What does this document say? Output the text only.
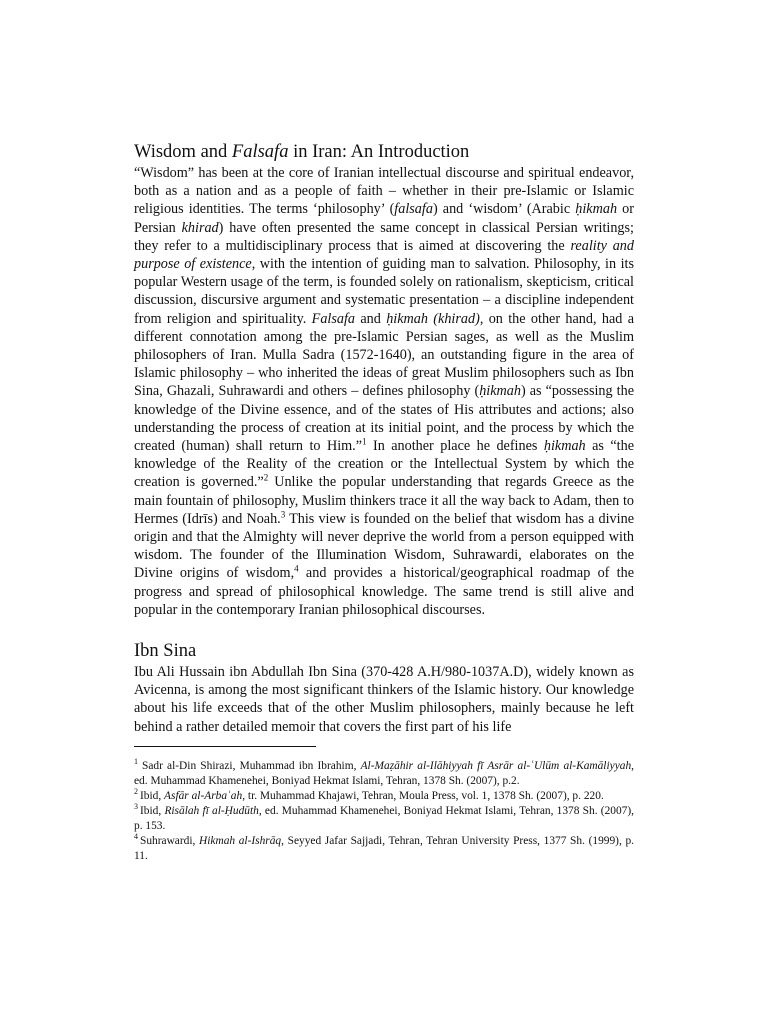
Wisdom and Falsafa in Iran: An Introduction

“Wisdom” has been at the core of Iranian intellectual discourse and spiritual endeavor, both as a nation and as a people of faith – whether in their pre-Islamic or Islamic religious identities. The terms ‘philosophy’ (falsafa) and ‘wisdom’ (Arabic ḥikmah or Persian khirad) have often presented the same concept in classical Persian writings; they refer to a multidisciplinary process that is aimed at discovering the reality and purpose of existence, with the intention of guiding man to salvation. Philosophy, in its popular Western usage of the term, is founded solely on rationalism, skepticism, critical discussion, discursive argument and systematic presentation – a discipline independent from religion and spirituality. Falsafa and ḥikmah (khirad), on the other hand, had a different connotation among the pre-Islamic Persian sages, as well as the Muslim philosophers of Iran. Mulla Sadra (1572-1640), an outstanding figure in the area of Islamic philosophy – who inherited the ideas of great Muslim philosophers such as Ibn Sina, Ghazali, Suhrawardi and others – defines philosophy (ḥikmah) as “possessing the knowledge of the Divine essence, and of the states of His attributes and actions; also understanding the process of creation at its initial point, and the process by which the created (human) shall return to Him.”$^1$ In another place he defines ḥikmah as “the knowledge of the Reality of the creation or the Intellectual System by which the creation is governed.”$^2$ Unlike the popular understanding that regards Greece as the main fountain of philosophy, Muslim thinkers trace it all the way back to Adam, then to Hermes (Idrīs) and Noah.$^3$ This view is founded on the belief that wisdom has a divine origin and that the Almighty will never deprive the world from a person equipped with wisdom. The founder of the Illumination Wisdom, Suhrawardi, elaborates on the Divine origins of wisdom,$^4$ and provides a historical/geographical roadmap of the progress and spread of philosophical knowledge. The same trend is still alive and popular in the contemporary Iranian philosophical discourses.

Ibn Sina

Ibu Ali Hussain ibn Abdullah Ibn Sina (370-428 A.H/980-1037A.D), widely known as Avicenna, is among the most significant thinkers of the Islamic history. Our knowledge about his life exceeds that of the other Muslim philosophers, mainly because he left behind a rather detailed memoir that covers the first part of his life

$^1$ Sadr al-Din Shirazi, Muhammad ibn Ibrahim, Al-Maẓāhir al-Ilāhiyyah fī Asrār al-ʿUlūm al-Kamāliyyah, ed. Muhammad Khamenehei, Boniyad Hekmat Islami, Tehran, 1378 Sh. (2007), p.2.

$^2$ Ibid, Asfār al-Arbaʿah, tr. Muhammad Khajawi, Tehran, Moula Press, vol. 1, 1378 Sh. (2007), p. 220.

$^3$ Ibid, Risālah fī al-Ḥudūth, ed. Muhammad Khamenehei, Boniyad Hekmat Islami, Tehran, 1378 Sh. (2007), p. 153.

$^4$ Suhrawardi, Hikmah al-Ishrāq, Seyyed Jafar Sajjadi, Tehran, Tehran University Press, 1377 Sh. (1999), p. 11.
